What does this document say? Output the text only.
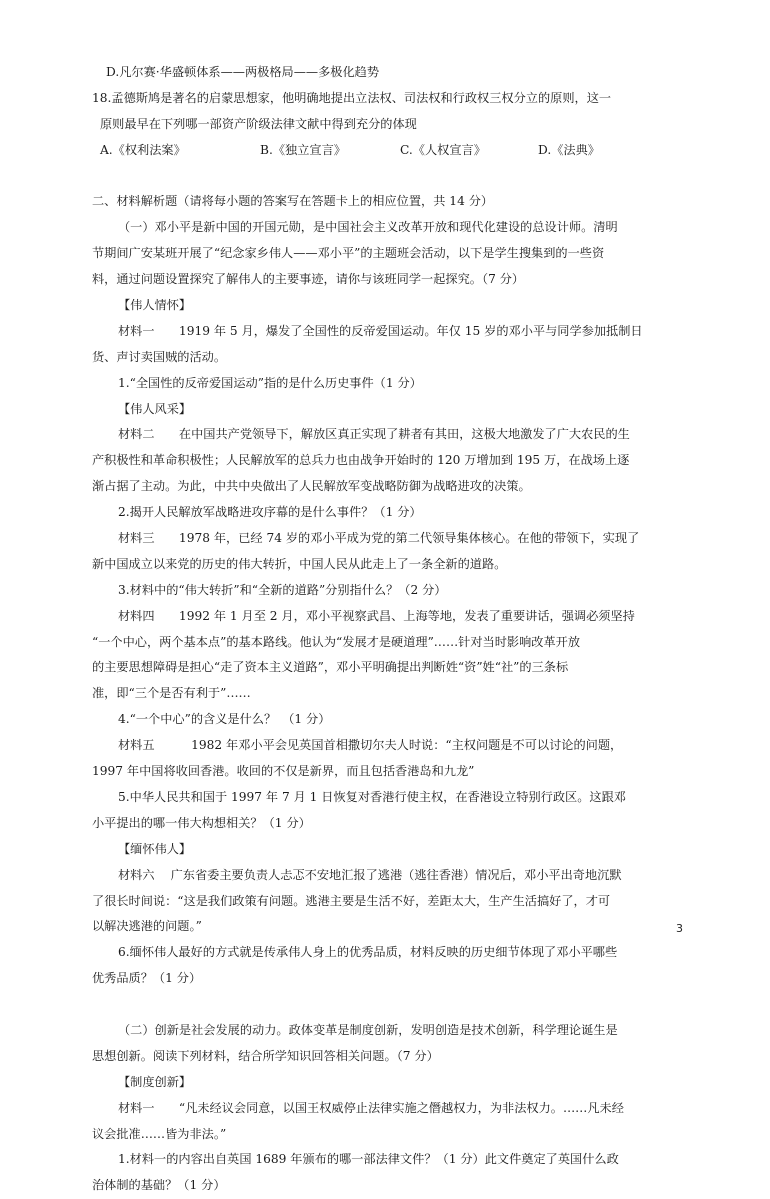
D.凡尔赛·华盛顿体系——两极格局——多极化趋势
18.孟德斯鸠是著名的启蒙思想家，他明确地提出立法权、司法权和行政权三权分立的原则，这一
原则最早在下列哪一部资产阶级法律文献中得到充分的体现
A.《权利法案》	B.《独立宣言》	C.《人权宣言》	D.《法典》
二、材料解析题（请将每小题的答案写在答题卡上的相应位置，共 14 分）
（一）邓小平是新中国的开国元勋，是中国社会主义改革开放和现代化建设的总设计师。清明
节期间广安某班开展了“纪念家乡伟人——邓小平”的主题班会活动，以下是学生搜集到的一些资
料，通过问题设置探究了解伟人的主要事迹，请你与该班同学一起探究。（7 分）
【伟人情怀】
材料一　　1919 年 5 月，爆发了全国性的反帝爱国运动。年仅 15 岁的邓小平与同学参加抵制日
货、声讨卖国贼的活动。
1.“全国性的反帝爱国运动”指的是什么历史事件（1 分）
【伟人风采】
材料二　　在中国共产党领导下，解放区真正实现了耕者有其田，这极大地激发了广大农民的生
产积极性和革命积极性；人民解放军的总兵力也由战争开始时的 120 万增加到 195 万，在战场上逐
渐占据了主动。为此，中共中央做出了人民解放军变战略防御为战略进攻的决策。
2.揭开人民解放军战略进攻序幕的是什么事件？（1 分）
材料三　　1978 年，已经 74 岁的邓小平成为党的第二代领导集体核心。在他的带领下，实现了
新中国成立以来党的历史的伟大转折，中国人民从此走上了一条全新的道路。
3.材料中的“伟大转折”和“全新的道路”分别指什么？（2 分）
材料四　　1992 年 1 月至 2 月，邓小平视察武昌、上海等地，发表了重要讲话，强调必须坚持
“一个中心，两个基本点”的基本路线。他认为“发展才是硬道理”……针对当时影响改革开放
的主要思想障碍是担心“走了资本主义道路”，邓小平明确提出判断姓“资”姓“社”的三条标
准，即“三个是否有利于”……
4.“一个中心”的含义是什么？　（1 分）
材料五　　　1982 年邓小平会见英国首相撒切尔夫人时说：“主权问题是不可以讨论的问题，
1997 年中国将收回香港。收回的不仅是新界，而且包括香港岛和九龙”
5.中华人民共和国于 1997 年 7 月 1 日恢复对香港行使主权，在香港设立特别行政区。这跟邓
小平提出的哪一伟大构想相关？（1 分）
【缅怀伟人】
材料六　 广东省委主要负责人忐忑不安地汇报了逃港（逃往香港）情况后，邓小平出奇地沉默
了很长时间说：“这是我们政策有问题。逃港主要是生活不好，差距太大，生产生活搞好了，才可
以解决逃港的问题。”
6.缅怀伟人最好的方式就是传承伟人身上的优秀品质，材料反映的历史细节体现了邓小平哪些
优秀品质？（1 分）
（二）创新是社会发展的动力。政体变革是制度创新，发明创造是技术创新，科学理论诞生是
思想创新。阅读下列材料，结合所学知识回答相关问题。（7 分）
【制度创新】
材料一　　“凡未经议会同意，以国王权威停止法律实施之僭越权力，为非法权力。……凡未经
议会批准……皆为非法。”
1.材料一的内容出自英国 1689 年颁布的哪一部法律文件？（1 分）此文件奠定了英国什么政
治体制的基础？（1 分）
3
